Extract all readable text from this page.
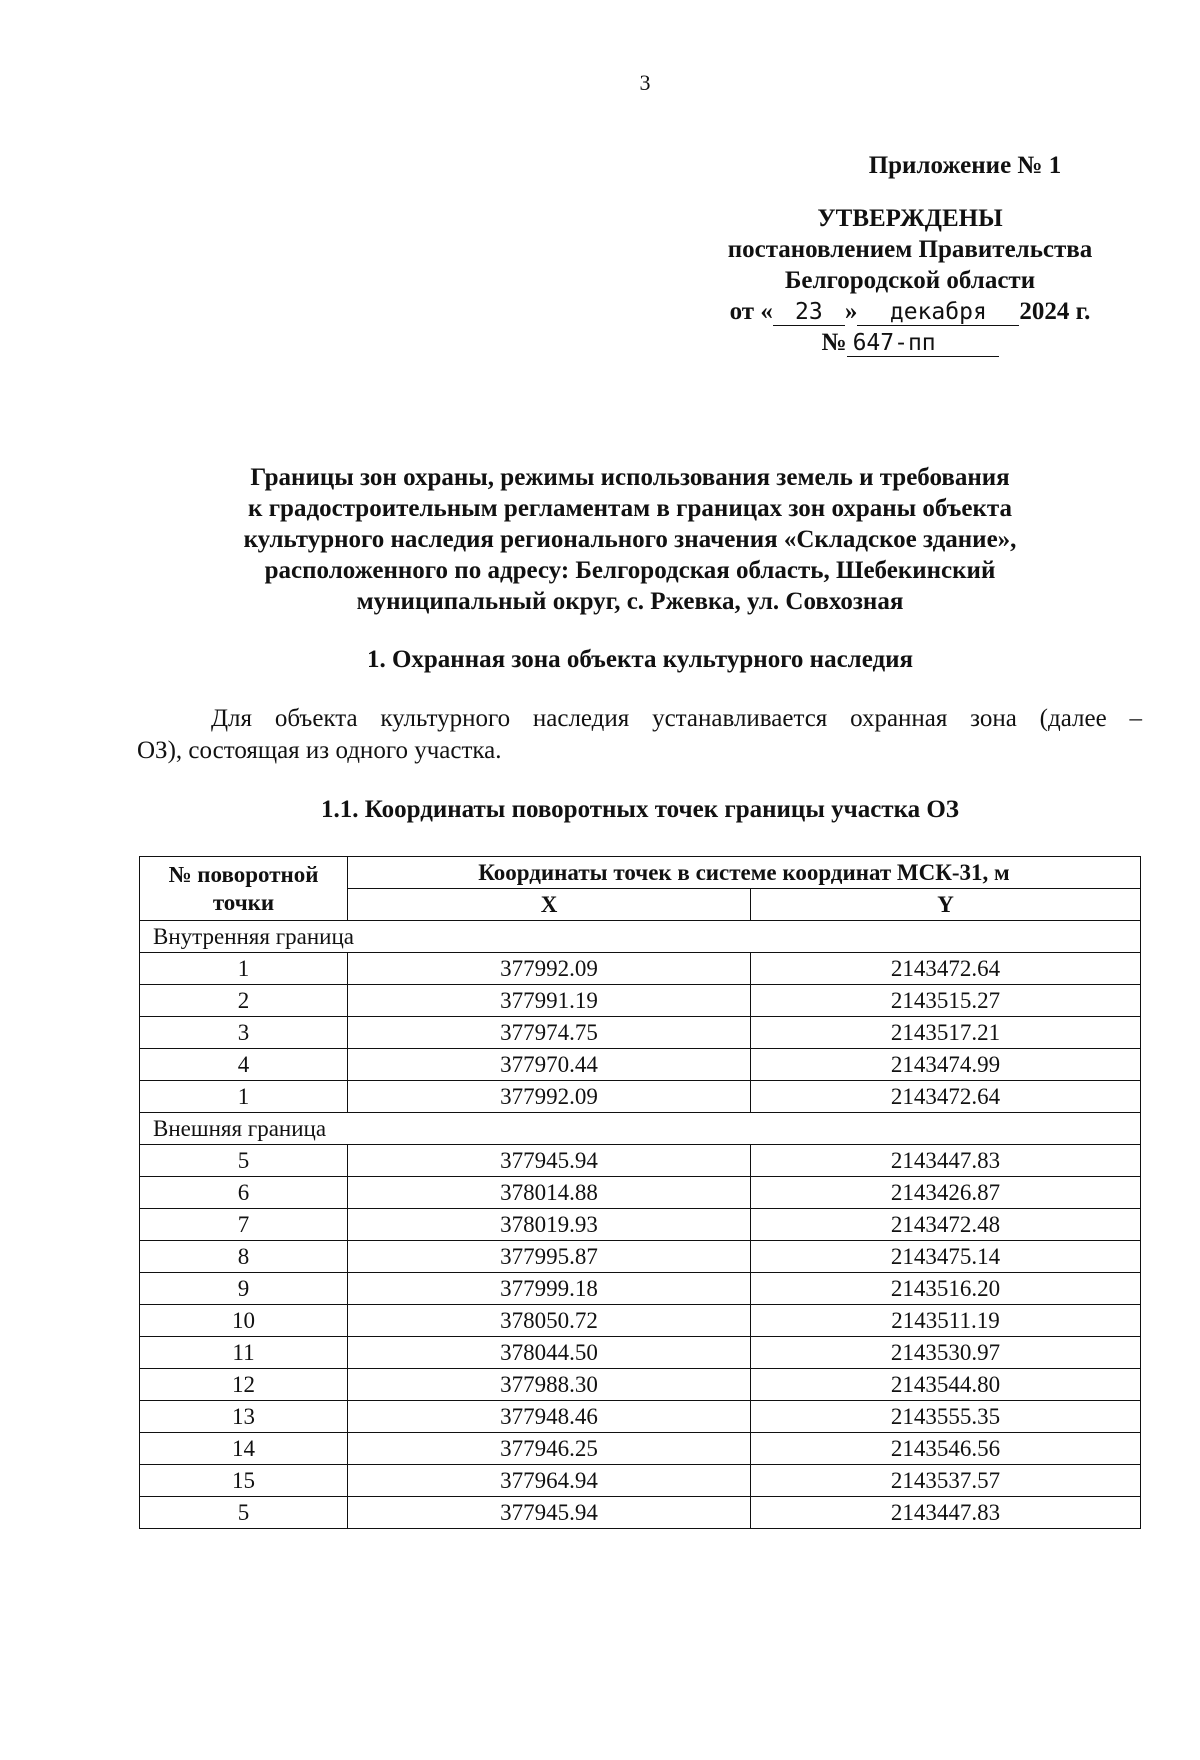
3
Приложение № 1
УТВЕРЖДЕНЫ
постановлением Правительства
Белгородской области
от « 23 » декабря 2024 г.
№ 647-пп
Границы зон охраны, режимы использования земель и требования
к градостроительным регламентам в границах зон охраны объекта
культурного наследия регионального значения «Складское здание»,
расположенного по адресу: Белгородская область, Шебекинский
муниципальный округ, с. Ржевка, ул. Совхозная
1. Охранная зона объекта культурного наследия
Для объекта культурного наследия устанавливается охранная зона (далее –
ОЗ), состоящая из одного участка.
1.1. Координаты поворотных точек границы участка ОЗ
№ поворотной точки	Координаты точек в системе координат МСК-31, м	
	X	Y
Внутренняя граница		
1	377992.09	2143472.64
2	377991.19	2143515.27
3	377974.75	2143517.21
4	377970.44	2143474.99
1	377992.09	2143472.64
Внешняя граница		
5	377945.94	2143447.83
6	378014.88	2143426.87
7	378019.93	2143472.48
8	377995.87	2143475.14
9	377999.18	2143516.20
10	378050.72	2143511.19
11	378044.50	2143530.97
12	377988.30	2143544.80
13	377948.46	2143555.35
14	377946.25	2143546.56
15	377964.94	2143537.57
5	377945.94	2143447.83
